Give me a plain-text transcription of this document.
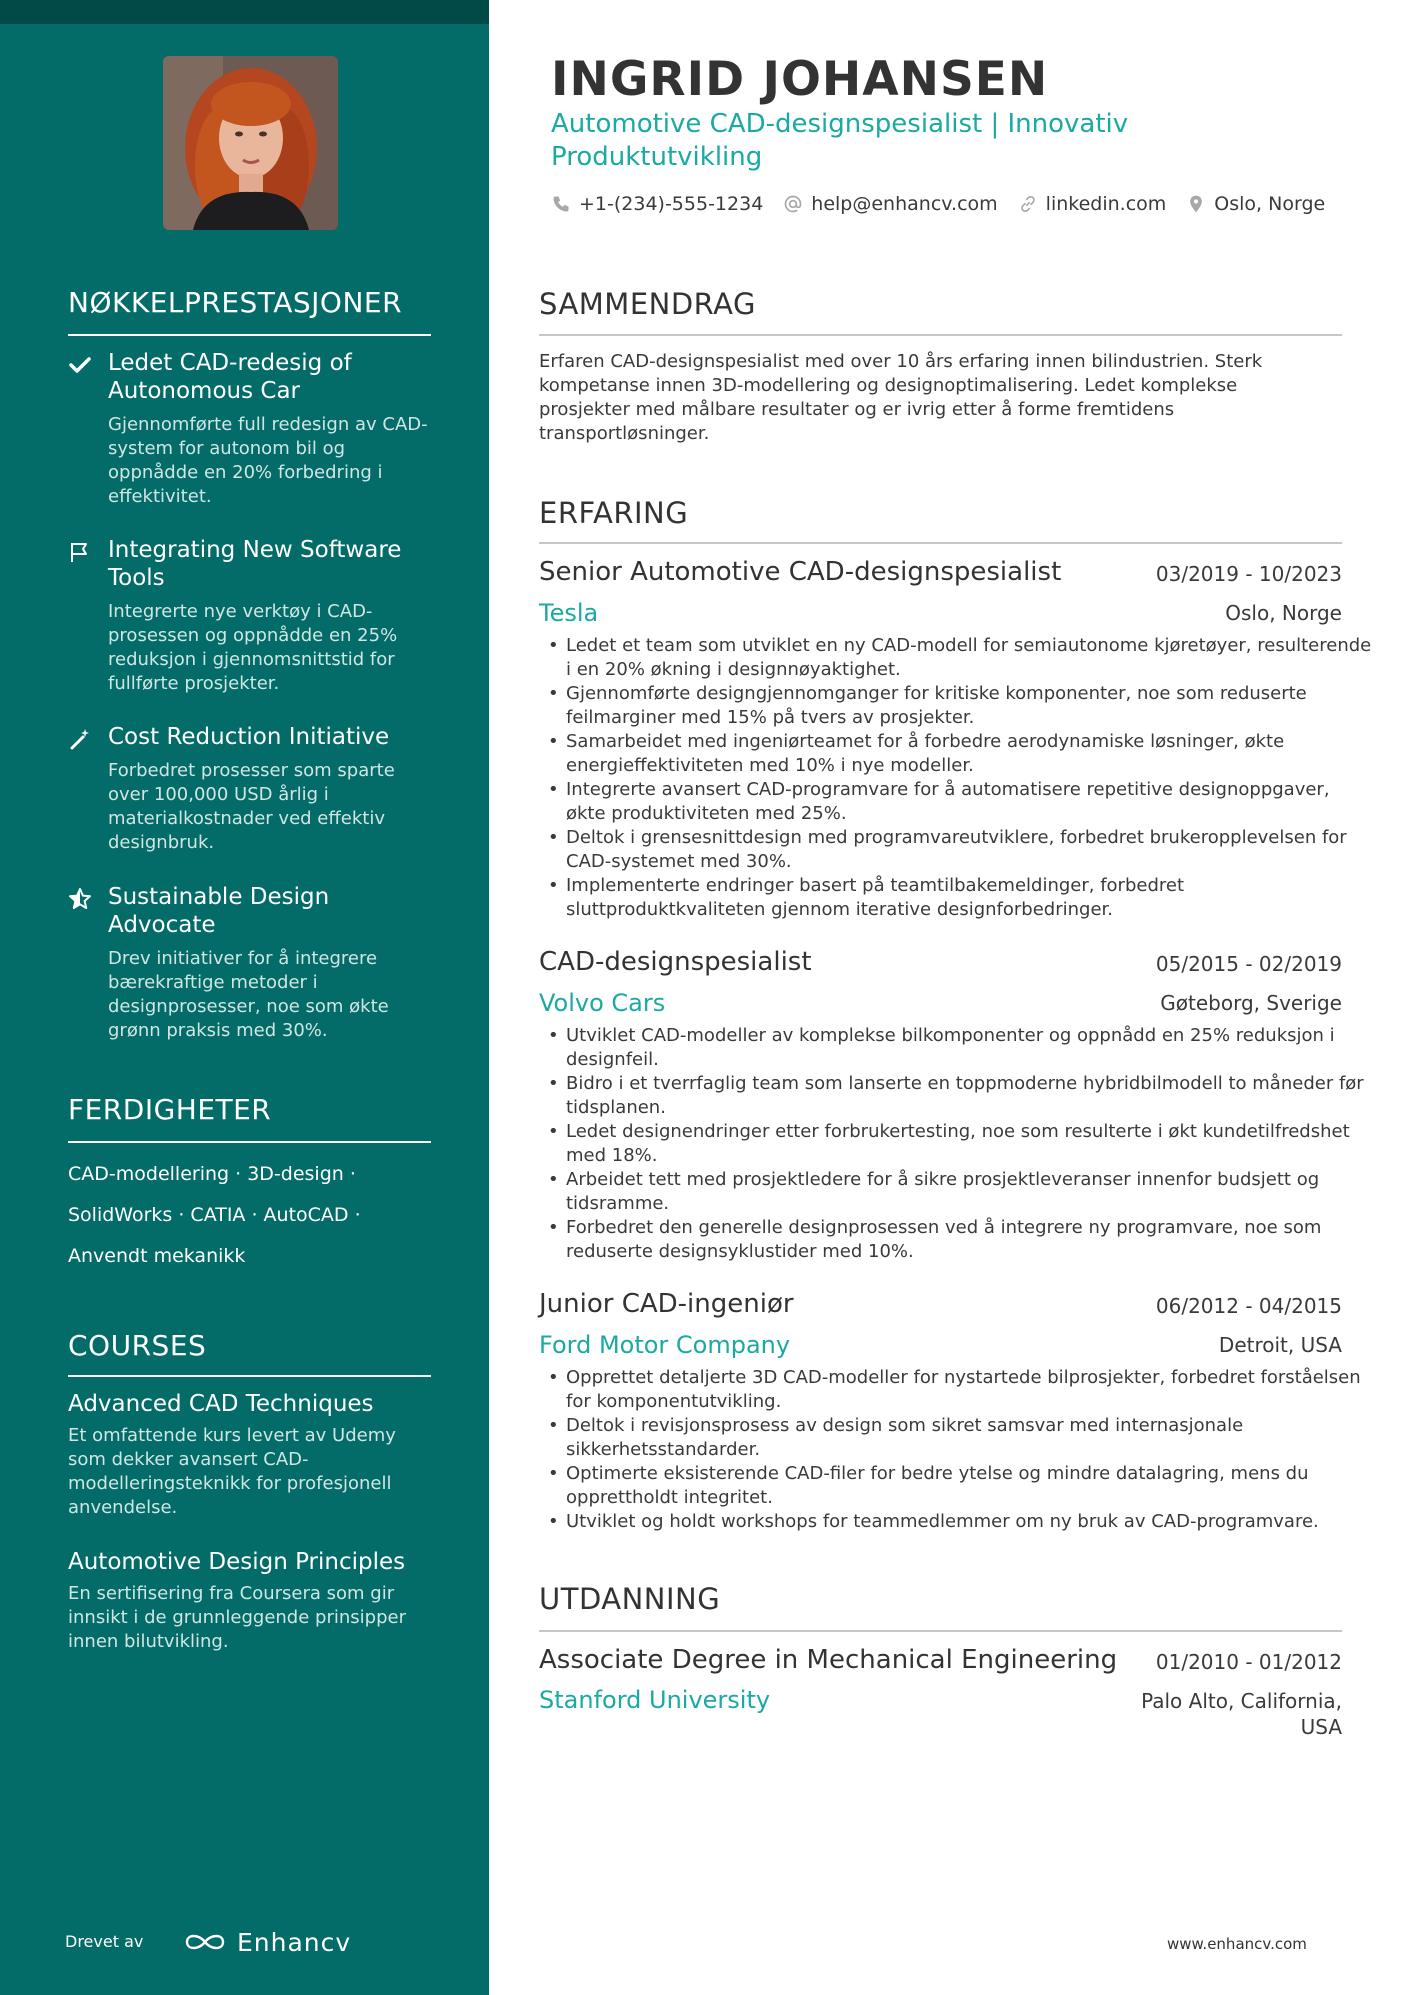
NØKKELPRESTASJONER
Ledet CAD-redesig of Autonomous Car
Gjennomførte full redesign av CAD-system for autonom bil og oppnådde en 20% forbedring i effektivitet.
Integrating New Software Tools
Integrerte nye verktøy i CAD-prosessen og oppnådde en 25% reduksjon i gjennomsnittstid for fullførte prosjekter.
Cost Reduction Initiative
Forbedret prosesser som sparte over 100,000 USD årlig i materialkostnader ved effektiv designbruk.
Sustainable Design Advocate
Drev initiativer for å integrere bærekraftige metoder i designprosesser, noe som økte grønn praksis med 30%.
FERDIGHETER
CAD-modellering · 3D-design ·
SolidWorks · CATIA · AutoCAD ·
Anvendt mekanikk
COURSES
Advanced CAD Techniques
Et omfattende kurs levert av Udemy som dekker avansert CAD-modelleringsteknikk for profesjonell anvendelse.
Automotive Design Principles
En sertifisering fra Coursera som gir innsikt i de grunnleggende prinsipper innen bilutvikling.
Drevet av	Enhancv
INGRID JOHANSEN
Automotive CAD-designspesialist | Innovativ Produktutvikling
+1-(234)-555-1234	help@enhancv.com	linkedin.com	Oslo, Norge
SAMMENDRAG
Erfaren CAD-designspesialist med over 10 års erfaring innen bilindustrien. Sterk kompetanse innen 3D-modellering og designoptimalisering. Ledet komplekse prosjekter med målbare resultater og er ivrig etter å forme fremtidens transportløsninger.
ERFARING
Senior Automotive CAD-designspesialist	03/2019 - 10/2023
Tesla	Oslo, Norge
• Ledet et team som utviklet en ny CAD-modell for semiautonome kjøretøyer, resulterende i en 20% økning i designnøyaktighet.
• Gjennomførte designgjennomganger for kritiske komponenter, noe som reduserte feilmarginer med 15% på tvers av prosjekter.
• Samarbeidet med ingeniørteamet for å forbedre aerodynamiske løsninger, økte energieffektiviteten med 10% i nye modeller.
• Integrerte avansert CAD-programvare for å automatisere repetitive designoppgaver, økte produktiviteten med 25%.
• Deltok i grensesnittdesign med programvareutviklere, forbedret brukeropplevelsen for CAD-systemet med 30%.
• Implementerte endringer basert på teamtilbakemeldinger, forbedret sluttproduktkvaliteten gjennom iterative designforbedringer.
CAD-designspesialist	05/2015 - 02/2019
Volvo Cars	Gøteborg, Sverige
• Utviklet CAD-modeller av komplekse bilkomponenter og oppnådd en 25% reduksjon i designfeil.
• Bidro i et tverrfaglig team som lanserte en toppmoderne hybridbilmodell to måneder før tidsplanen.
• Ledet designendringer etter forbrukertesting, noe som resulterte i økt kundetilfredshet med 18%.
• Arbeidet tett med prosjektledere for å sikre prosjektleveranser innenfor budsjett og tidsramme.
• Forbedret den generelle designprosessen ved å integrere ny programvare, noe som reduserte designsyklustider med 10%.
Junior CAD-ingeniør	06/2012 - 04/2015
Ford Motor Company	Detroit, USA
• Opprettet detaljerte 3D CAD-modeller for nystartede bilprosjekter, forbedret forståelsen for komponentutvikling.
• Deltok i revisjonsprosess av design som sikret samsvar med internasjonale sikkerhetsstandarder.
• Optimerte eksisterende CAD-filer for bedre ytelse og mindre datalagring, mens du opprettholdt integritet.
• Utviklet og holdt workshops for teammedlemmer om ny bruk av CAD-programvare.
UTDANNING
Associate Degree in Mechanical Engineering 01/2010 - 01/2012
Stanford University	Palo Alto, California, USA
www.enhancv.com
